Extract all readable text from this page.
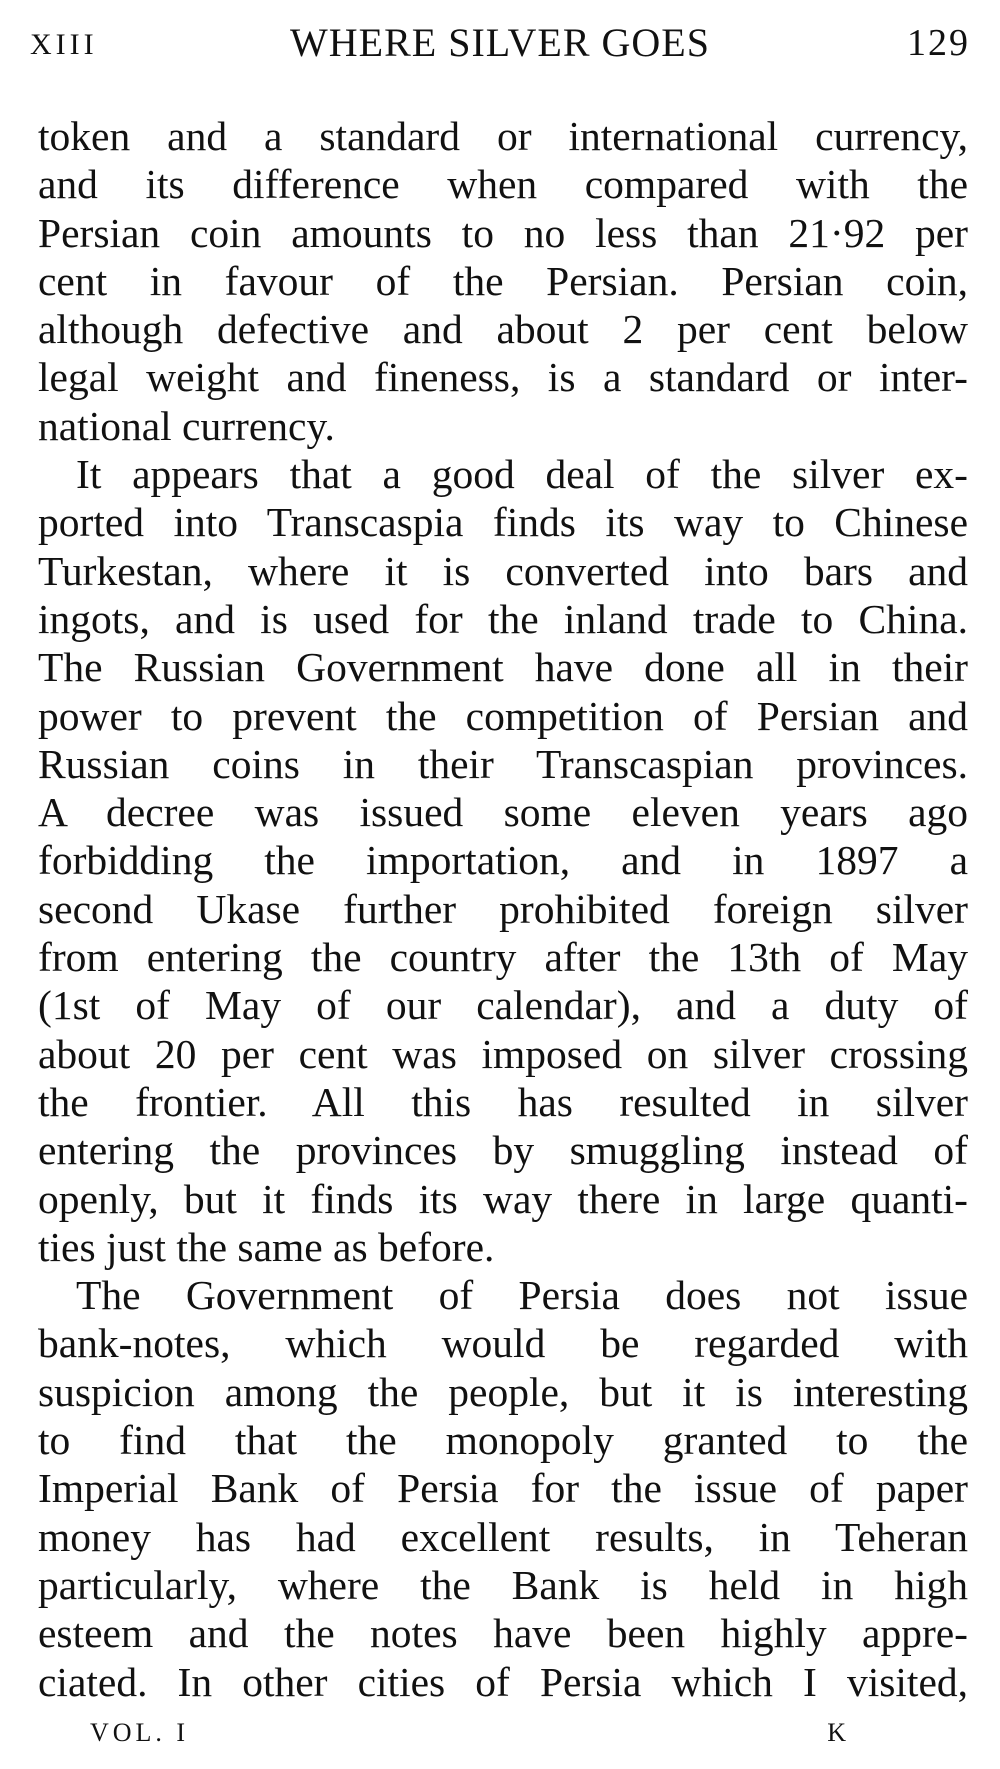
XIII	WHERE SILVER GOES	129

token and a standard or international currency,
and its difference when compared with the
Persian coin amounts to no less than 21·92 per
cent in favour of the Persian. Persian coin,
although defective and about 2 per cent below
legal weight and fineness, is a standard or inter-
national currency.

It appears that a good deal of the silver ex-
ported into Transcaspia finds its way to Chinese
Turkestan, where it is converted into bars and
ingots, and is used for the inland trade to China.
The Russian Government have done all in their
power to prevent the competition of Persian and
Russian coins in their Transcaspian provinces.
A decree was issued some eleven years ago
forbidding the importation, and in 1897 a
second Ukase further prohibited foreign silver
from entering the country after the 13th of May
(1st of May of our calendar), and a duty of
about 20 per cent was imposed on silver crossing
the frontier. All this has resulted in silver
entering the provinces by smuggling instead of
openly, but it finds its way there in large quanti-
ties just the same as before.

The Government of Persia does not issue
bank-notes, which would be regarded with
suspicion among the people, but it is interesting
to find that the monopoly granted to the
Imperial Bank of Persia for the issue of paper
money has had excellent results, in Teheran
particularly, where the Bank is held in high
esteem and the notes have been highly appre-
ciated. In other cities of Persia which I visited,

VOL. I	K
